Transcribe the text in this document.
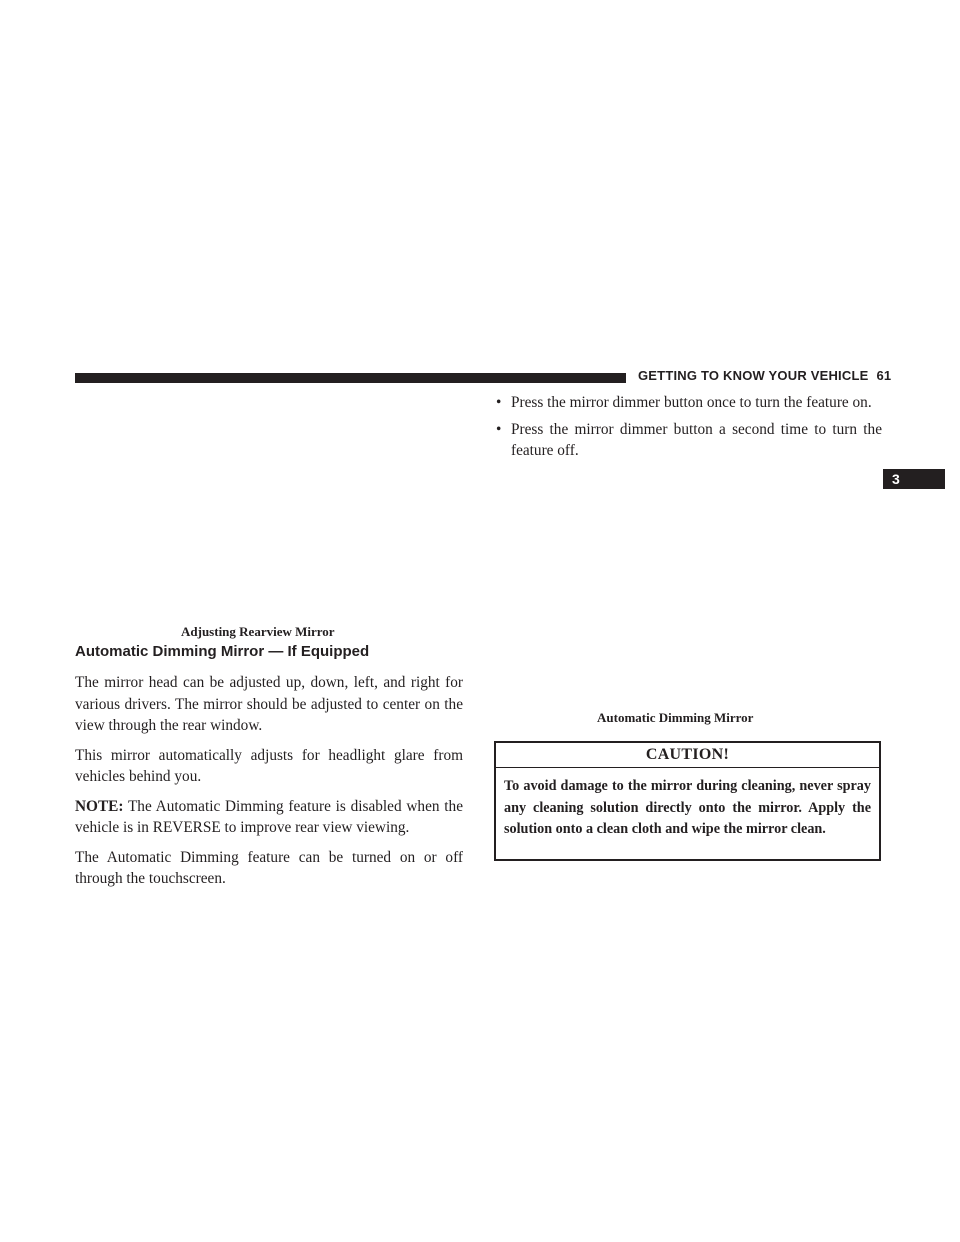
GETTING TO KNOW YOUR VEHICLE 61
3
Adjusting Rearview Mirror
Automatic Dimming Mirror
Automatic Dimming Mirror — If Equipped

The mirror head can be adjusted up, down, left, and right for various drivers. The mirror should be adjusted to center on the view through the rear window.

This mirror automatically adjusts for headlight glare from vehicles behind you.

NOTE: The Automatic Dimming feature is disabled when the vehicle is in REVERSE to improve rear view viewing.

The Automatic Dimming feature can be turned on or off through the touchscreen.

• Press the mirror dimmer button once to turn the feature on.
• Press the mirror dimmer button a second time to turn the feature off.
CAUTION!
To avoid damage to the mirror during cleaning, never spray any cleaning solution directly onto the mirror. Apply the solution onto a clean cloth and wipe the mirror clean.
